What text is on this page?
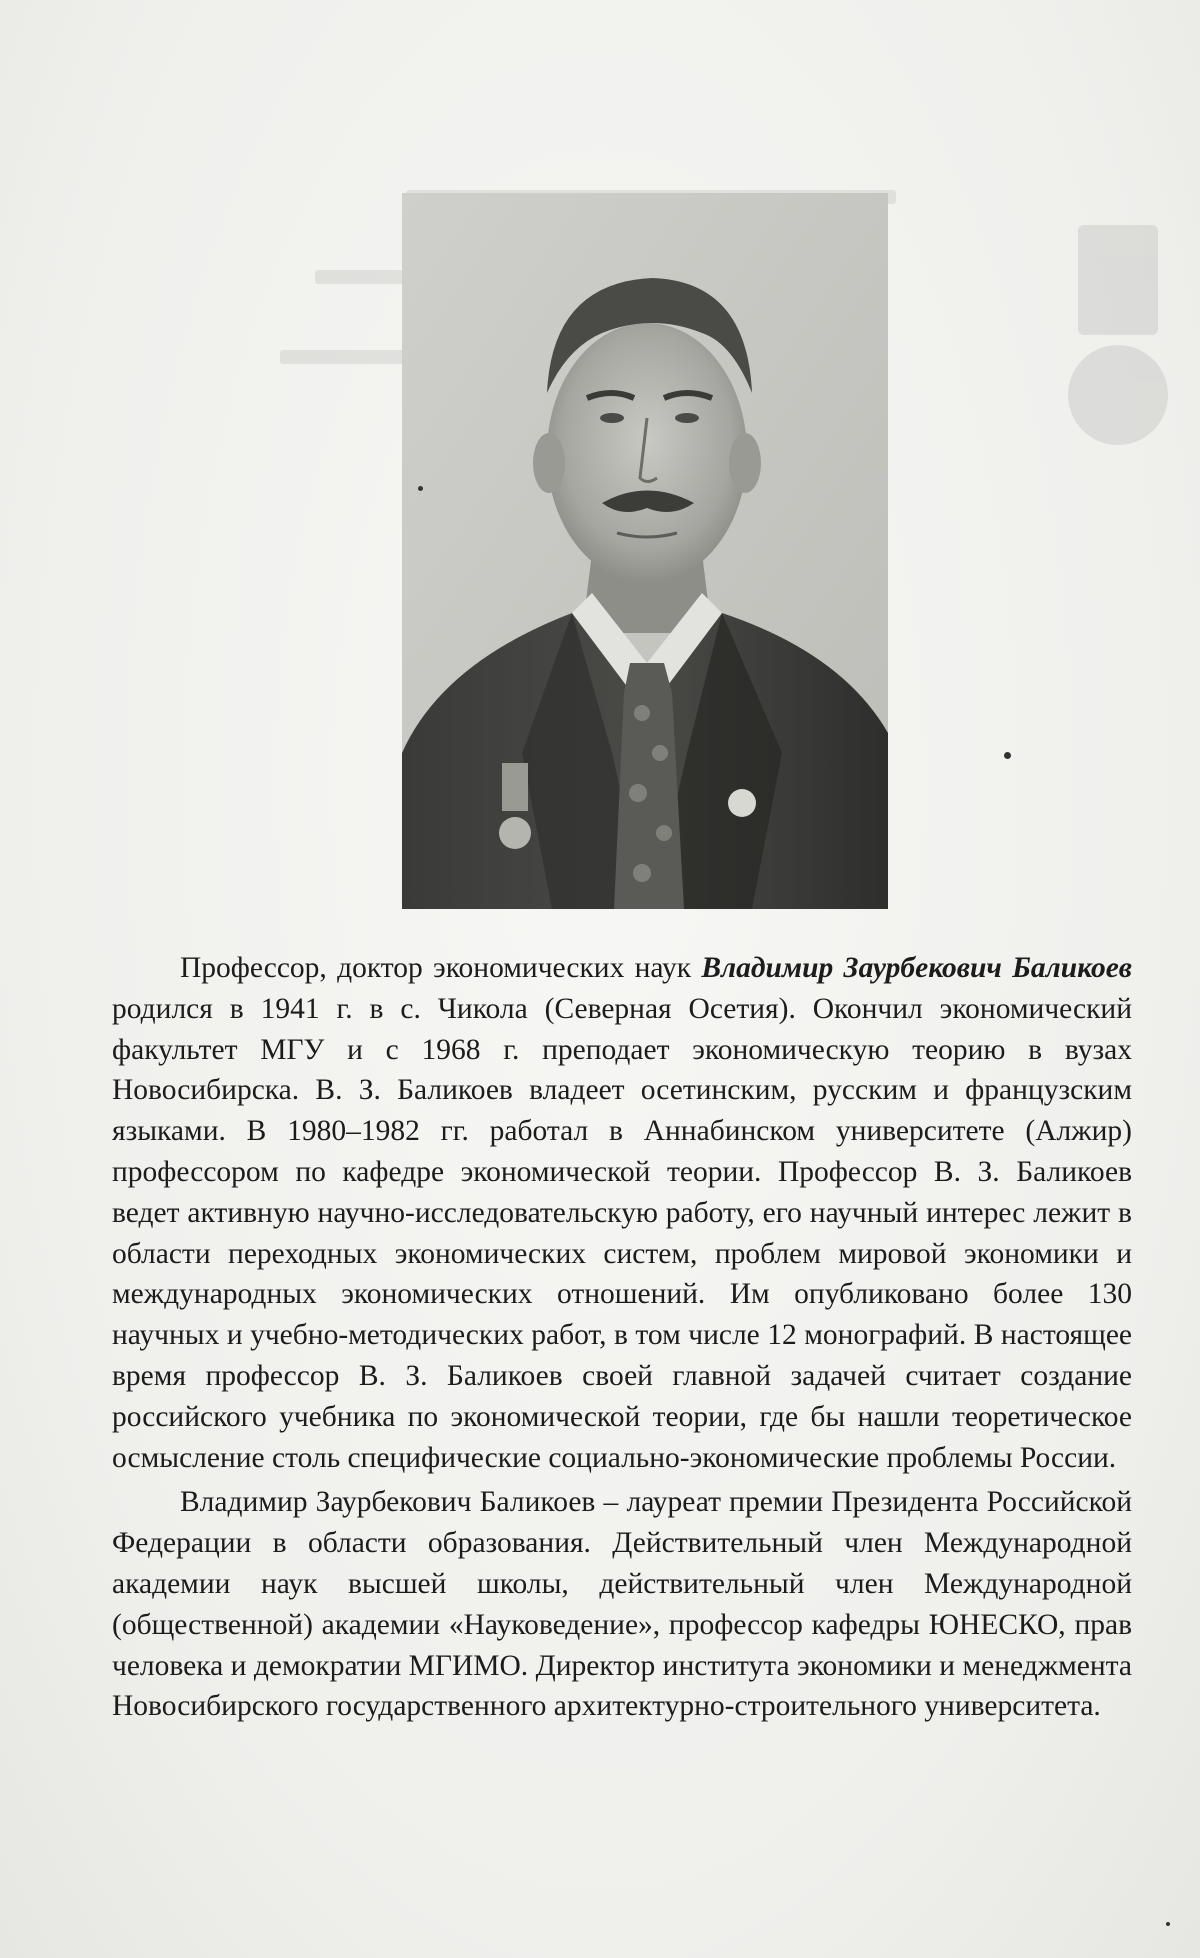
Профессор, доктор экономических наук Владимир Заурбекович Баликоев родился в 1941 г. в с. Чикола (Северная Осетия). Окончил экономический факультет МГУ и с 1968 г. преподает экономическую теорию в вузах Новосибирска. В. З. Баликоев владеет осетинским, русским и французским языками. В 1980–1982 гг. работал в Аннабинском университете (Алжир) профессором по кафедре экономической теории. Профессор В. З. Баликоев ведет активную научно-исследовательскую работу, его научный интерес лежит в области переходных экономических систем, проблем мировой экономики и международных экономических отношений. Им опубликовано более 130 научных и учебно-методических работ, в том числе 12 монографий. В настоящее время профессор В. З. Баликоев своей главной задачей считает создание российского учебника по экономической теории, где бы нашли теоретическое осмысление столь специфические социально-экономические проблемы России.

Владимир Заурбекович Баликоев – лауреат премии Президента Российской Федерации в области образования. Действительный член Международной академии наук высшей школы, действительный член Международной (общественной) академии «Науковедение», профессор кафедры ЮНЕСКО, прав человека и демократии МГИМО. Директор института экономики и менеджмента Новосибирского государственного архитектурно-строительного университета.
